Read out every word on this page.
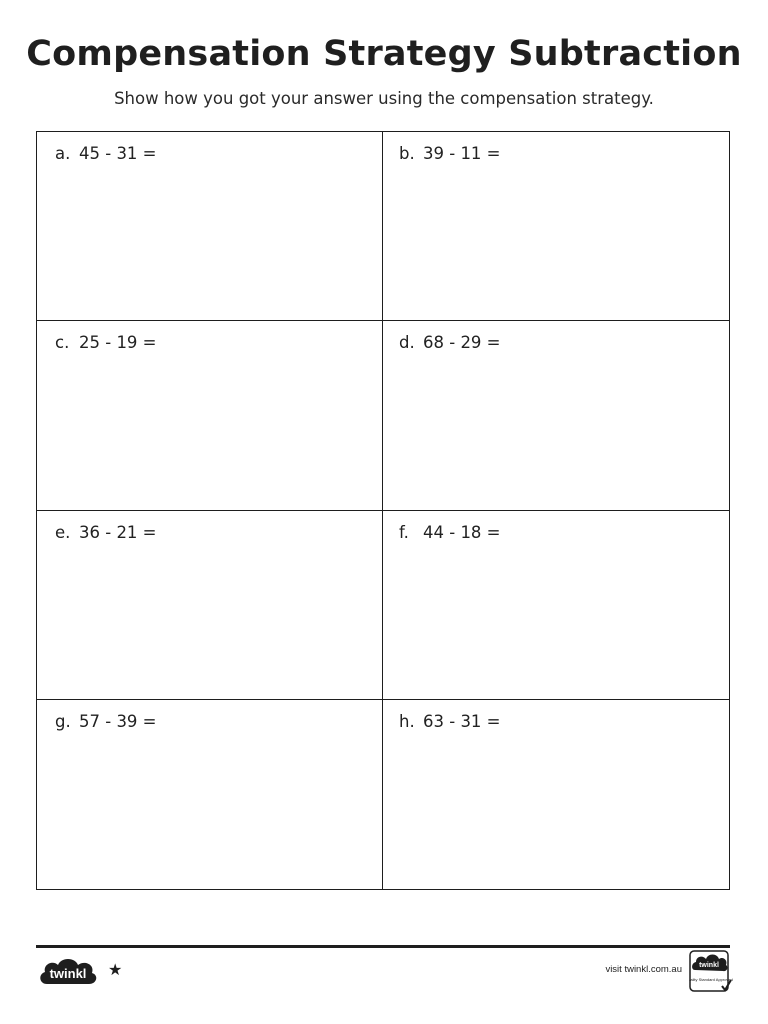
Compensation Strategy Subtraction
Show how you got your answer using the compensation strategy.
a. 45 - 31 =	b. 39 - 11 =
c. 25 - 19 =	d. 68 - 29 =
e. 36 - 21 =	f. 44 - 18 =
g. 57 - 39 =	h. 63 - 31 =
twinkl ★	visit twinkl.com.au twinkl
Quality Standard Approved
